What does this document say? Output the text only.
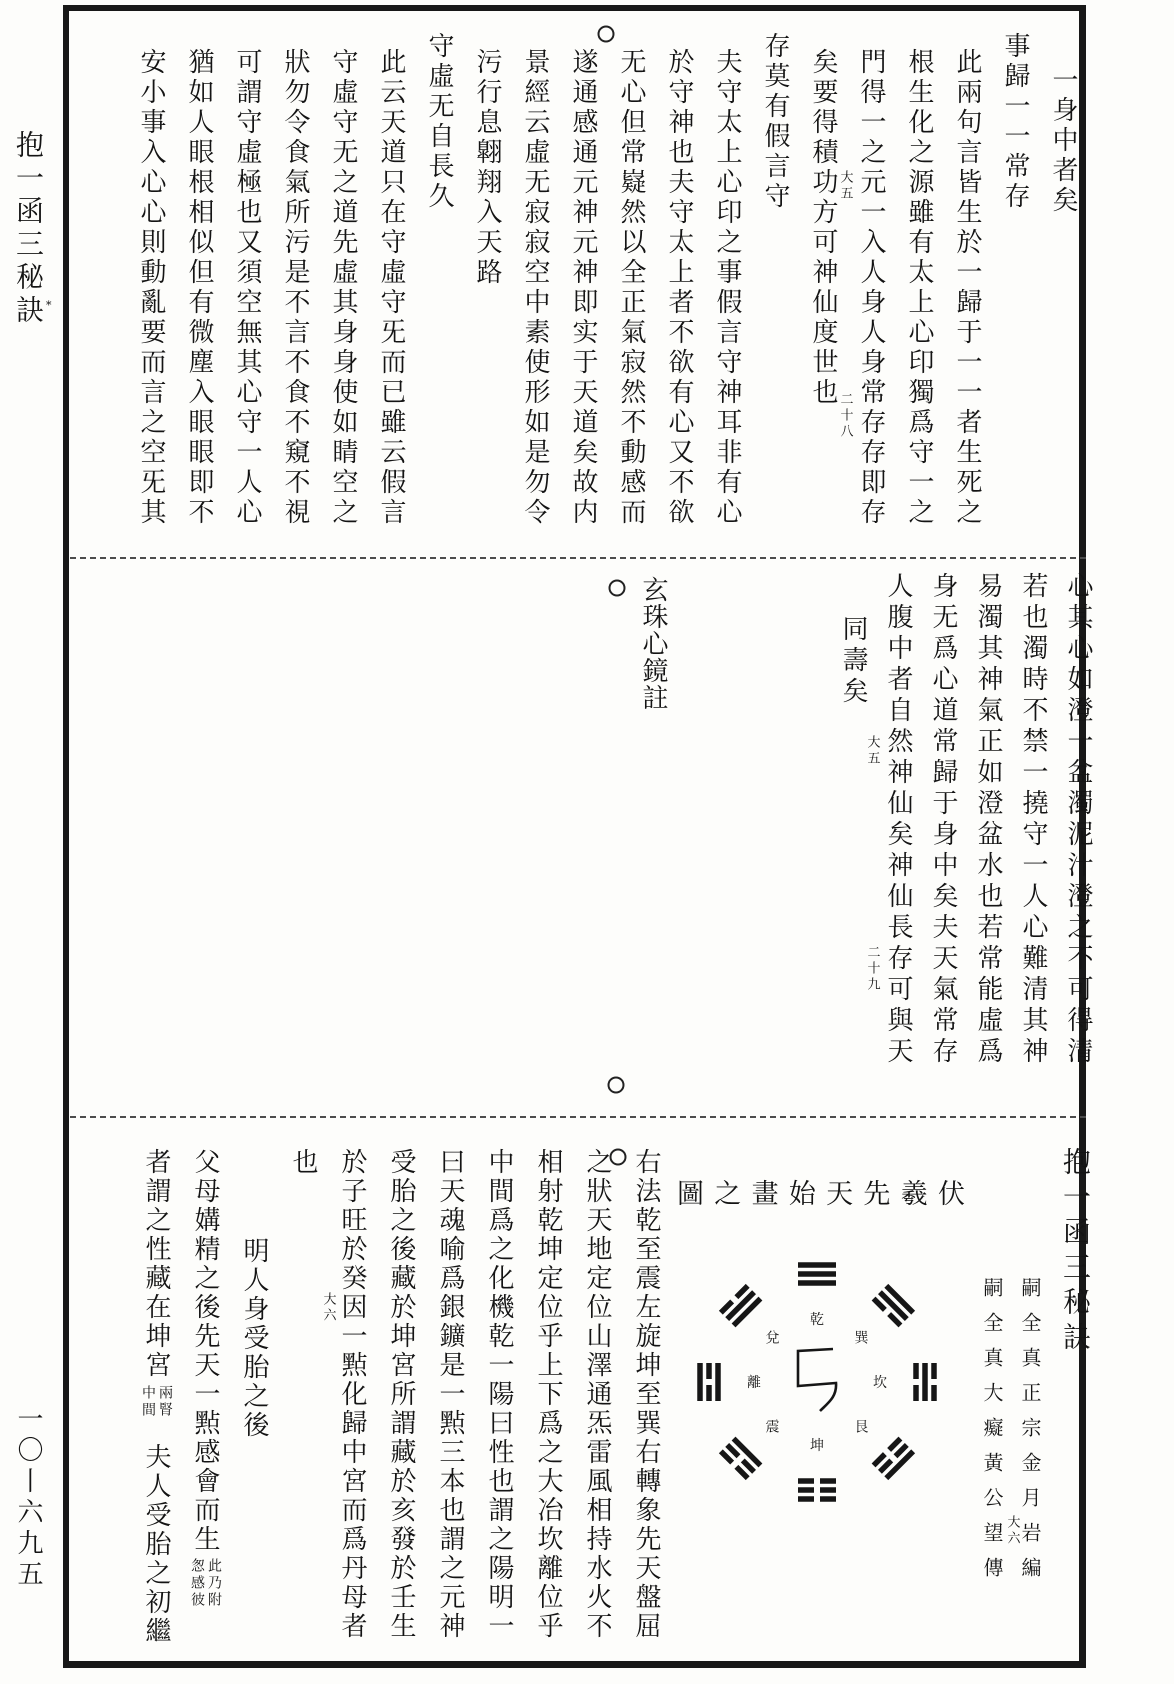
抱一函三秘訣 ⁎
一〇丨六九五
玄珠心鏡註
抱一函三秘訣
嗣全真正宗金月岩編
嗣全真大癡黃公望傳
伏
羲
先
天
始
畫
之
圖
乾
巽
坎
艮
坤
震
離
兌
一身中者矣
事歸一一常存
此兩句言皆生於一歸于一一者生死之
根生化之源雖有太上心印獨爲守一之
門得一之元一入人身人身常存存即存
矣要得積功方可神仙度世也
存莫有假言守
夫守太上心印之事假言守神耳非有心
於守神也夫守太上者不欲有心又不欲
无心但常嶷然以全正氣寂然不動感而
遂通感通元神元神即实于天道矣故内
景經云虛无寂寂空中素使形如是勿令
污行息翺翔入天路
守虛无自長久
此云天道只在守虛守旡而已雖云假言
守虛守无之道先虛其身身使如睛空之
狀勿令食氣所污是不言不食不窺不視
可謂守虛極也又須空無其心守一人心
猶如人眼根相似但有微塵入眼眼即不
安小事入心心則動亂要而言之空旡其	大五
二十八
心其心如澄一盆濁泥汁澄之不可得清
若也濁時不禁一撓守一人心難清其神
易濁其神氣正如澄盆水也若常能虛爲
身无爲心道常歸于身中矣夫天氣常存
人腹中者自然神仙矣神仙長存可與天
同壽矣
大五
二十九
右法乾至震左旋坤至巽右轉象先天盤屈
之狀天地定位山澤通炁雷風相持水火不
相射乾坤定位乎上下爲之大冶坎離位乎
中間爲之化機乾一陽曰性也謂之陽明一
曰天魂喻爲銀鑛是一㸃三本也謂之元神
受胎之後藏於坤宮所謂藏於亥發於壬生
於子旺於癸因一㸃化歸中宮而爲丹母者
也
明人身受胎之後
父母媾精之後先天一㸃感會而生
者謂之性藏在坤宮
夫人受胎之初繼	大六
大六
此乃附
怱感彼
兩腎
中間
